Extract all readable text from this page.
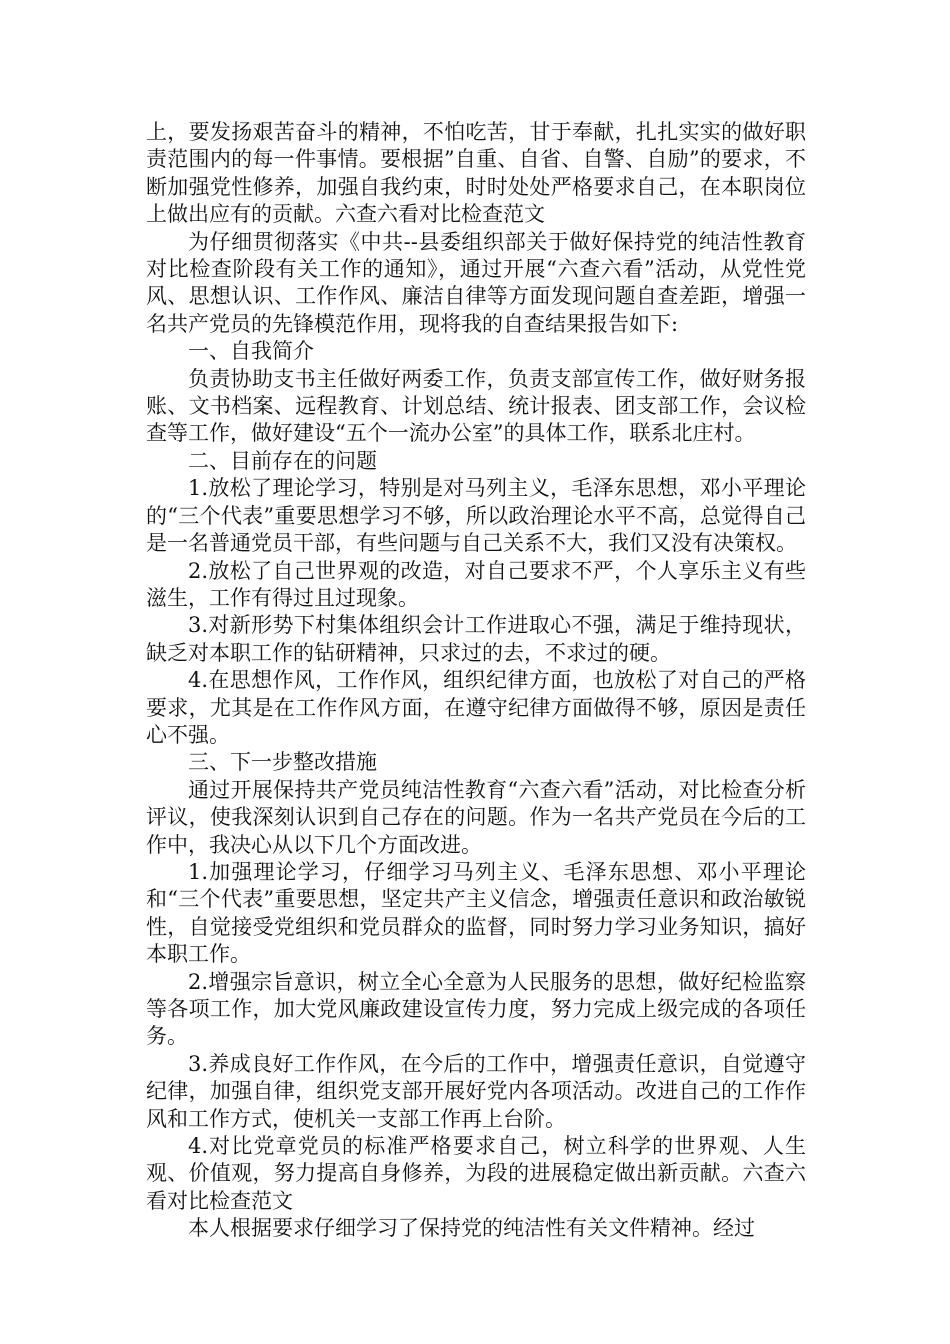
上，要发扬艰苦奋斗的精神，不怕吃苦，甘于奉献，扎扎实实的做好职责范围内的每一件事情。要根据”自重、自省、自警、自励”的要求，不断加强党性修养，加强自我约束，时时处处严格要求自己，在本职岗位上做出应有的贡献。六查六看对比检查范文

为仔细贯彻落实《中共--县委组织部关于做好保持党的纯洁性教育对比检查阶段有关工作的通知》，通过开展“六查六看”活动，从党性党风、思想认识、工作作风、廉洁自律等方面发现问题自查差距，增强一名共产党员的先锋模范作用，现将我的自查结果报告如下:

一、自我简介

负责协助支书主任做好两委工作，负责支部宣传工作，做好财务报账、文书档案、远程教育、计划总结、统计报表、团支部工作，会议检查等工作，做好建设“五个一流办公室”的具体工作，联系北庄村。

二、目前存在的问题

1.放松了理论学习，特别是对马列主义，毛泽东思想，邓小平理论的“三个代表”重要思想学习不够，所以政治理论水平不高，总觉得自己是一名普通党员干部，有些问题与自己关系不大，我们又没有决策权。

2.放松了自己世界观的改造，对自己要求不严，个人享乐主义有些滋生，工作有得过且过现象。

3.对新形势下村集体组织会计工作进取心不强，满足于维持现状，缺乏对本职工作的钻研精神，只求过的去，不求过的硬。

4.在思想作风，工作作风，组织纪律方面，也放松了对自己的严格要求，尤其是在工作作风方面，在遵守纪律方面做得不够，原因是责任心不强。

三、下一步整改措施

通过开展保持共产党员纯洁性教育“六查六看”活动，对比检查分析评议，使我深刻认识到自己存在的问题。作为一名共产党员在今后的工作中，我决心从以下几个方面改进。

1.加强理论学习，仔细学习马列主义、毛泽东思想、邓小平理论和“三个代表”重要思想，坚定共产主义信念，增强责任意识和政治敏锐性，自觉接受党组织和党员群众的监督，同时努力学习业务知识，搞好本职工作。

2.增强宗旨意识，树立全心全意为人民服务的思想，做好纪检监察等各项工作，加大党风廉政建设宣传力度，努力完成上级完成的各项任务。

3.养成良好工作作风，在今后的工作中，增强责任意识，自觉遵守纪律，加强自律，组织党支部开展好党内各项活动。改进自己的工作作风和工作方式，使机关一支部工作再上台阶。

4.对比党章党员的标准严格要求自己，树立科学的世界观、人生观、价值观，努力提高自身修养，为段的进展稳定做出新贡献。六查六看对比检查范文

本人根据要求仔细学习了保持党的纯洁性有关文件精神。经过
